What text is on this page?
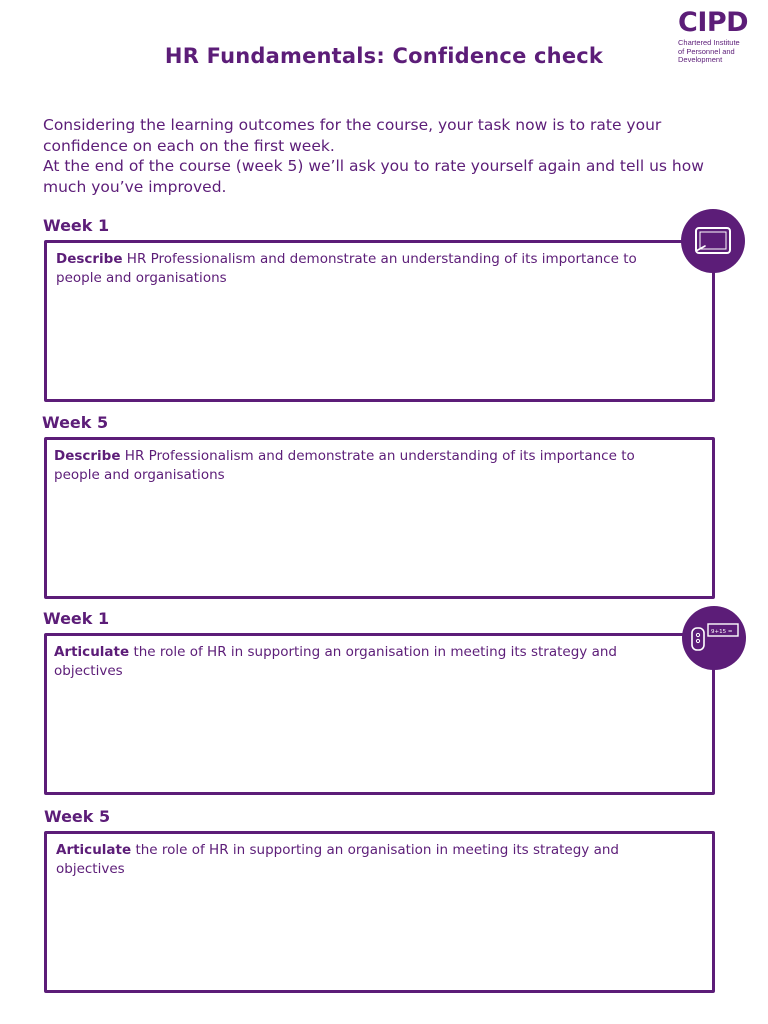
HR Fundamentals: Confidence check
CIPD
Chartered Institute
of Personnel and
Development

Considering the learning outcomes for the course, your task now is to rate your confidence on each on the first week.

At the end of the course (week 5) we’ll ask you to rate yourself again and tell us how much you’ve improved.

Week 1
Describe HR Professionalism and demonstrate an understanding of its importance to people and organisations
Week 5
Describe HR Professionalism and demonstrate an understanding of its importance to people and organisations
Week 1
Articulate the role of HR in supporting an organisation in meeting its strategy and objectives
9+15 =
Week 5
Articulate the role of HR in supporting an organisation in meeting its strategy and objectives
